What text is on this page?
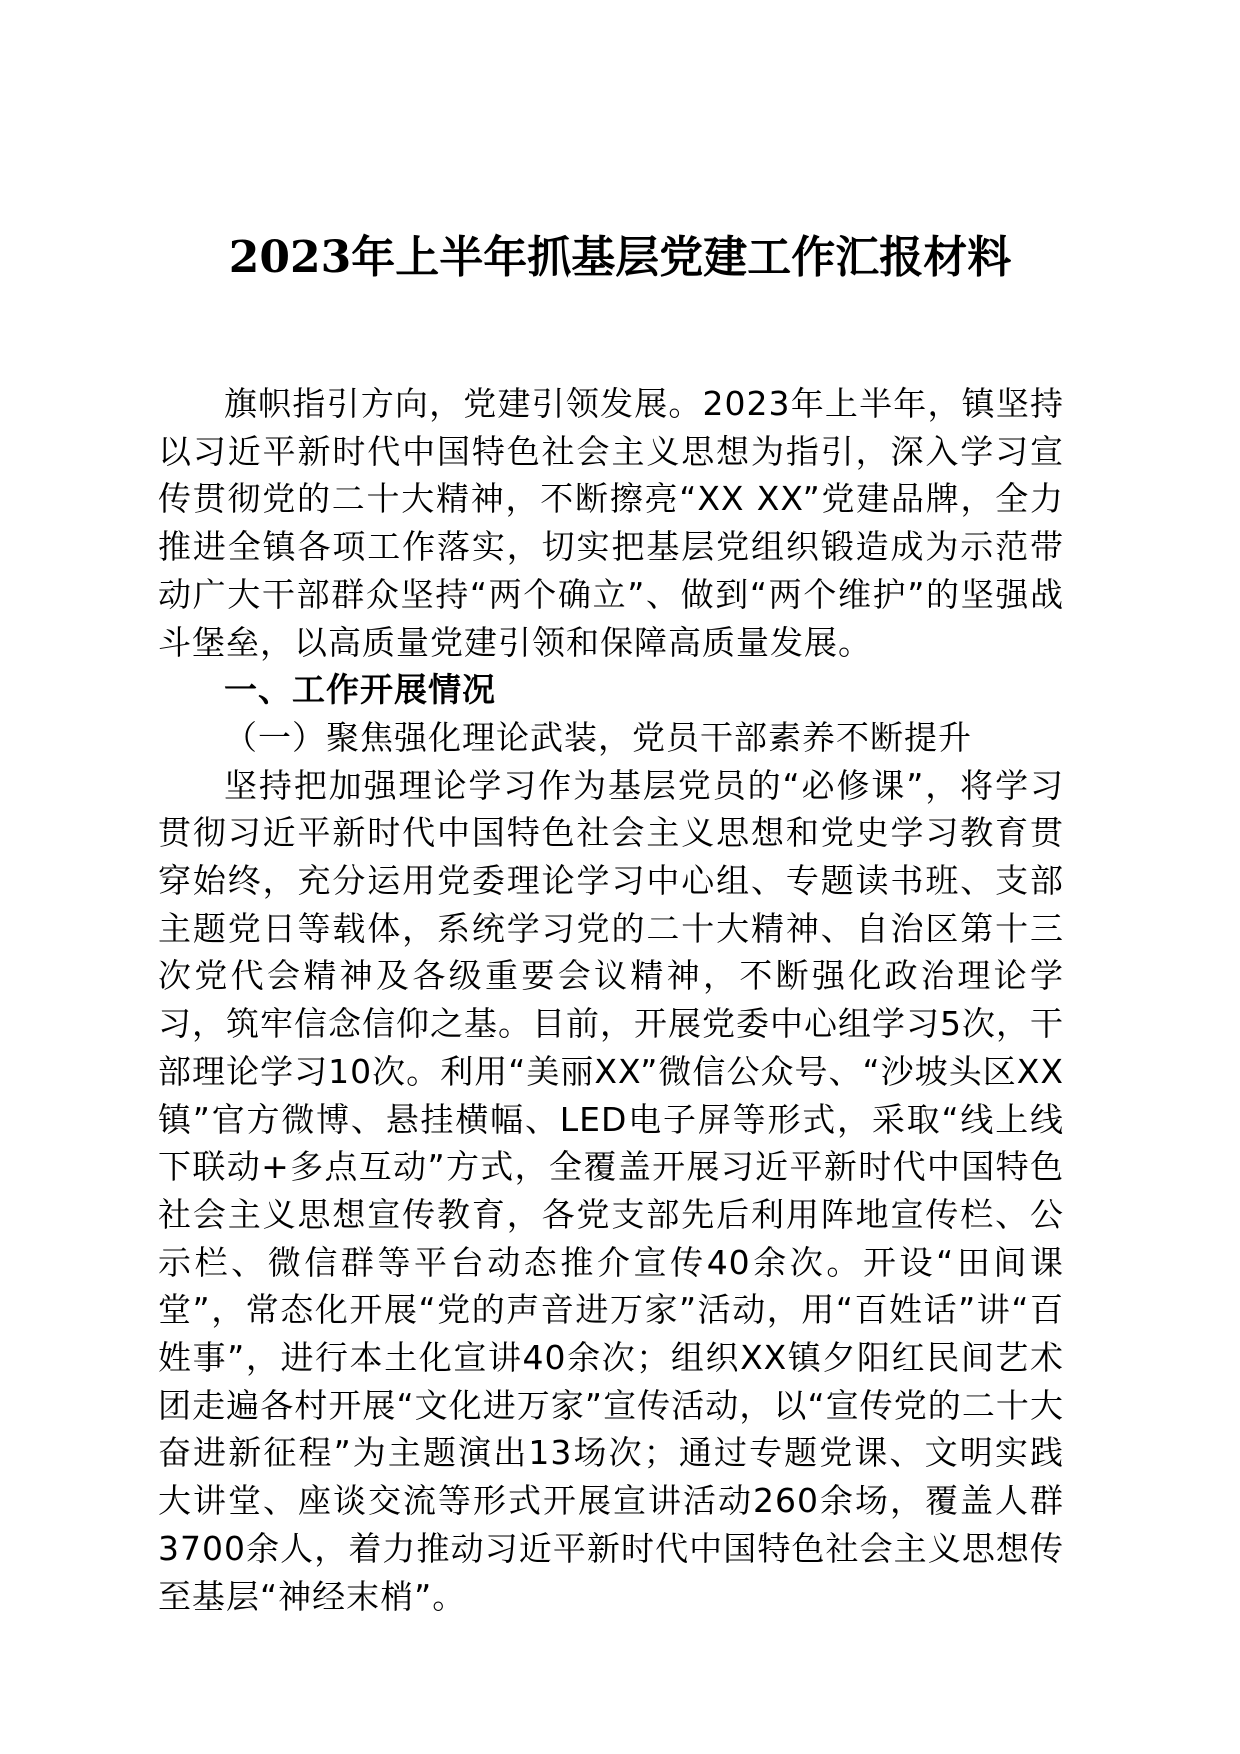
2023年上半年抓基层党建工作汇报材料

旗帜指引方向，党建引领发展。2023年上半年，镇坚持以习近平新时代中国特色社会主义思想为指引，深入学习宣传贯彻党的二十大精神，不断擦亮“XX XX”党建品牌，全力推进全镇各项工作落实，切实把基层党组织锻造成为示范带动广大干部群众坚持“两个确立”、做到“两个维护”的坚强战斗堡垒，以高质量党建引领和保障高质量发展。

一、工作开展情况

（一）聚焦强化理论武装，党员干部素养不断提升

坚持把加强理论学习作为基层党员的“必修课”，将学习贯彻习近平新时代中国特色社会主义思想和党史学习教育贯穿始终，充分运用党委理论学习中心组、专题读书班、支部主题党日等载体，系统学习党的二十大精神、自治区第十三次党代会精神及各级重要会议精神，不断强化政治理论学习，筑牢信念信仰之基。目前，开展党委中心组学习5次，干部理论学习10次。利用“美丽XX”微信公众号、“沙坡头区XX镇”官方微博、悬挂横幅、LED电子屏等形式，采取“线上线下联动+多点互动”方式，全覆盖开展习近平新时代中国特色社会主义思想宣传教育，各党支部先后利用阵地宣传栏、公示栏、微信群等平台动态推介宣传40余次。开设“田间课堂”，常态化开展“党的声音进万家”活动，用“百姓话”讲“百姓事”，进行本土化宣讲40余次；组织XX镇夕阳红民间艺术团走遍各村开展“文化进万家”宣传活动，以“宣传党的二十大 奋进新征程”为主题演出13场次；通过专题党课、文明实践大讲堂、座谈交流等形式开展宣讲活动260余场，覆盖人群3700余人，着力推动习近平新时代中国特色社会主义思想传至基层“神经末梢”。
